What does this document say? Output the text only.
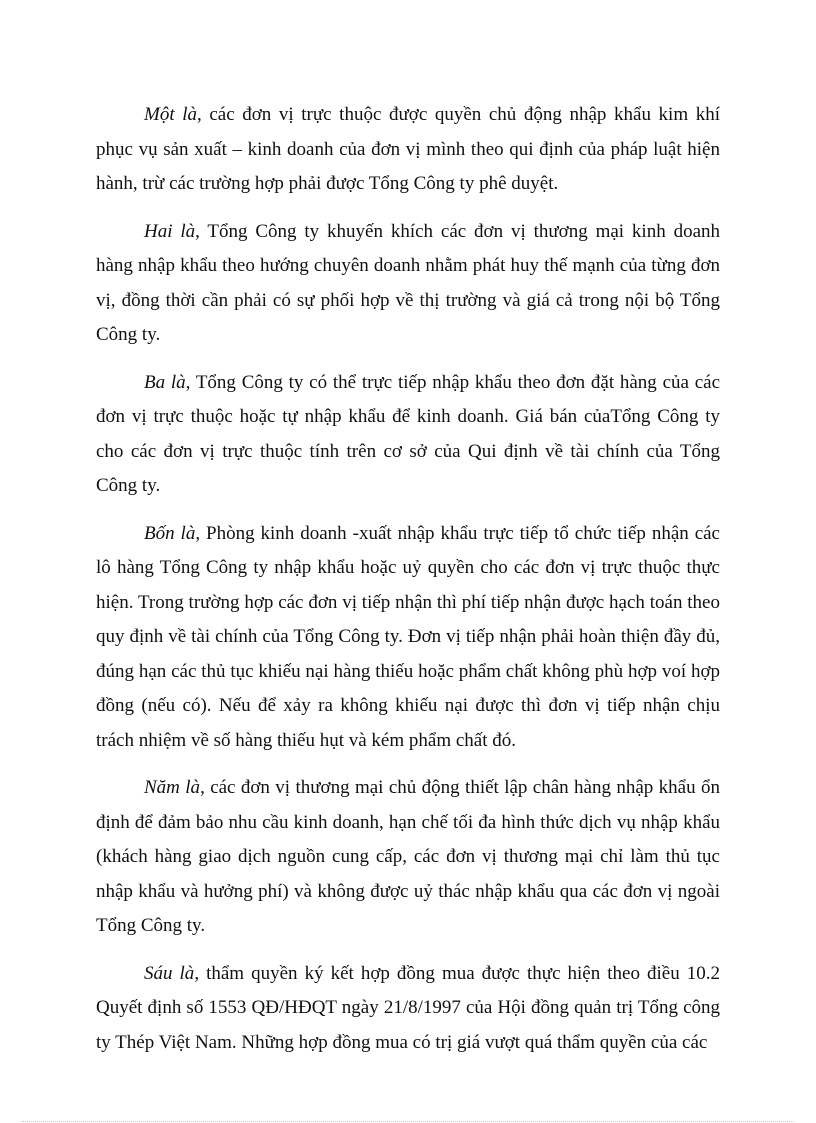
Một là, các đơn vị trực thuộc được quyền chủ động nhập khẩu kim khí phục vụ sản xuất – kinh doanh của đơn vị mình theo qui định của pháp luật hiện hành, trừ các trường hợp phải được Tổng Công ty phê duyệt.

Hai là, Tổng Công ty khuyến khích các đơn vị thương mại kinh doanh hàng nhập khẩu theo hướng chuyên doanh nhằm phát huy thế mạnh của từng đơn vị, đồng thời cần phải có sự phối hợp về thị trường và giá cả trong nội bộ Tổng Công ty.

Ba là, Tổng Công ty có thể trực tiếp nhập khẩu theo đơn đặt hàng của các đơn vị trực thuộc hoặc tự nhập khẩu để kinh doanh. Giá bán củaTổng Công ty cho các đơn vị trực thuộc tính trên cơ sở của Qui định về tài chính của Tổng Công ty.

Bốn là, Phòng kinh doanh -xuất nhập khẩu trực tiếp tổ chức tiếp nhận các lô hàng Tổng Công ty nhập khẩu hoặc uỷ quyền cho các đơn vị trực thuộc thực hiện. Trong trường hợp các đơn vị tiếp nhận thì phí tiếp nhận được hạch toán theo quy định về tài chính của Tổng Công ty. Đơn vị tiếp nhận phải hoàn thiện đầy đủ, đúng hạn các thủ tục khiếu nại hàng thiếu hoặc phẩm chất không phù hợp voí hợp đồng (nếu có). Nếu để xảy ra không khiếu nại được thì đơn vị tiếp nhận chịu trách nhiệm về số hàng thiếu hụt và kém phẩm chất đó.

Năm là, các đơn vị thương mại chủ động thiết lập chân hàng nhập khẩu ổn định để đảm bảo nhu cầu kinh doanh, hạn chế tối đa hình thức dịch vụ nhập khẩu (khách hàng giao dịch nguồn cung cấp, các đơn vị thương mại chỉ làm thủ tục nhập khẩu và hưởng phí) và không được uỷ thác nhập khẩu qua các đơn vị ngoài Tổng Công ty.

Sáu là, thẩm quyền ký kết hợp đồng mua được thực hiện theo điều 10.2 Quyết định số 1553 QĐ/HĐQT ngày 21/8/1997 của Hội đồng quản trị Tổng công ty Thép Việt Nam. Những hợp đồng mua có trị giá vượt quá thẩm quyền của các
